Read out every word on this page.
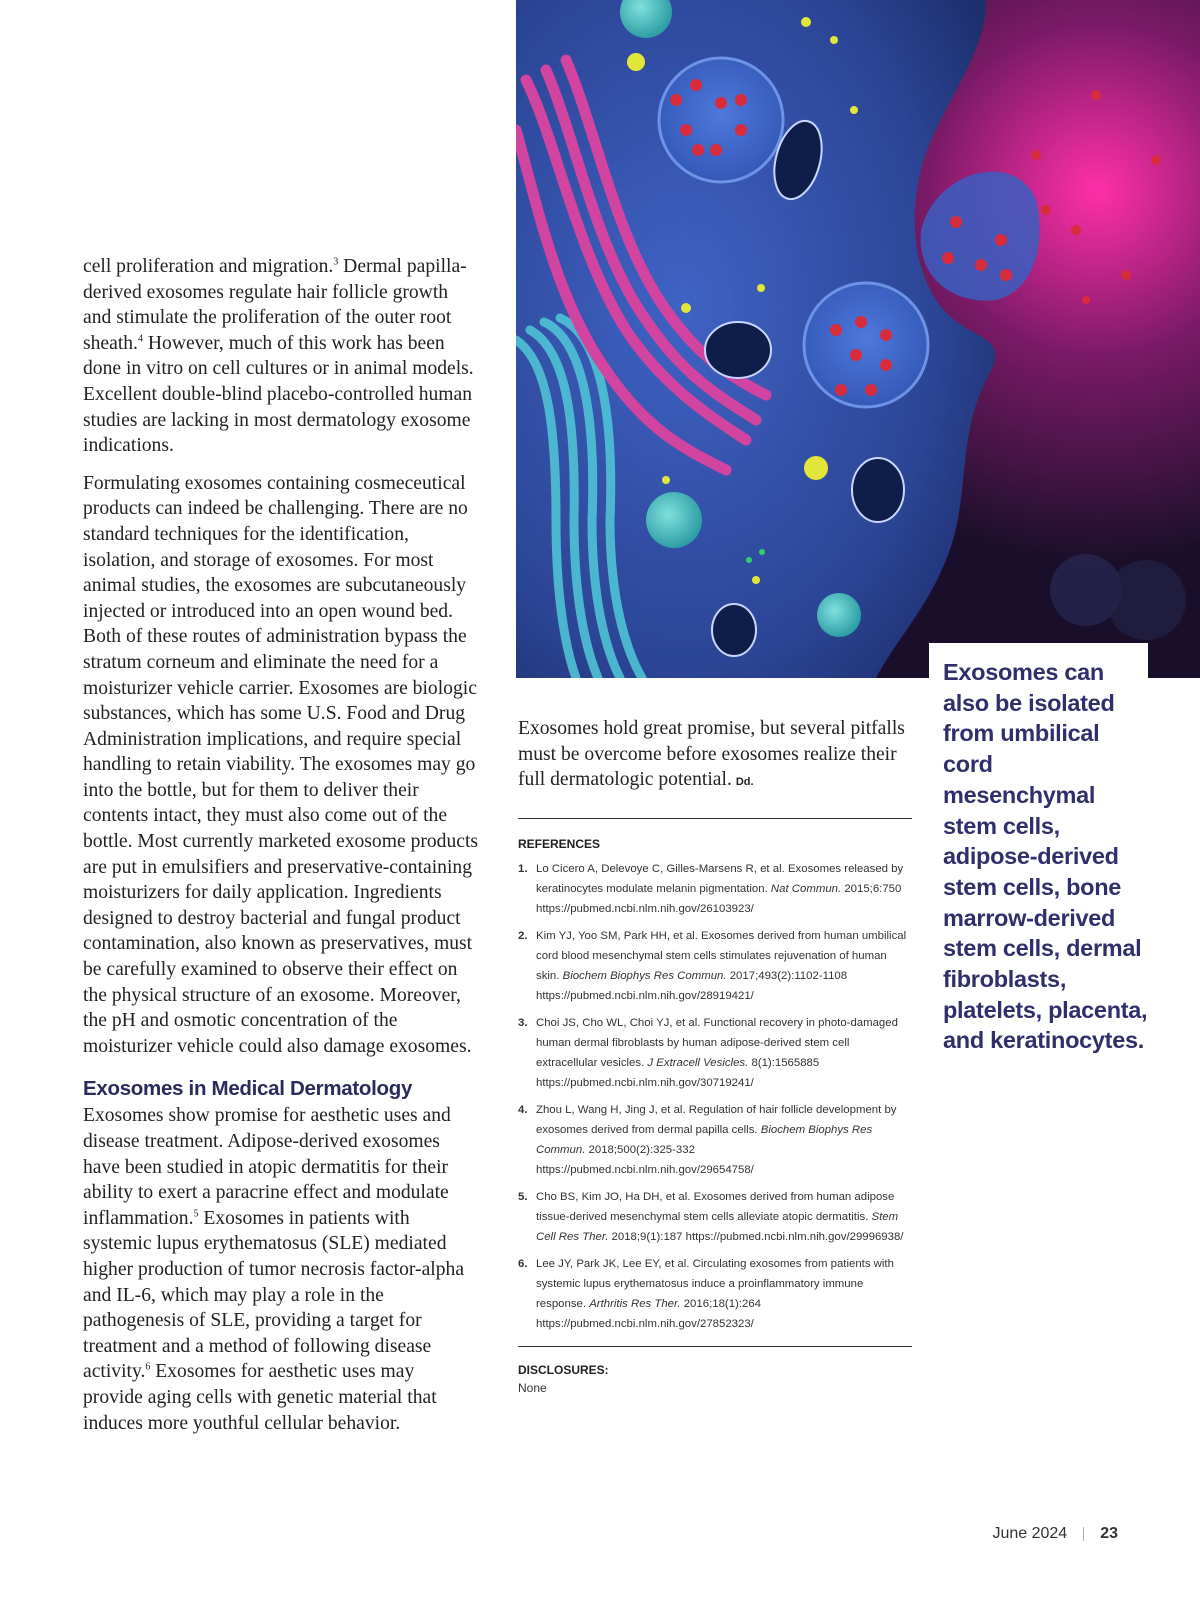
cell proliferation and migration.$^3$ Dermal papilla-derived exosomes regulate hair follicle growth and stimulate the proliferation of the outer root sheath.$^4$ However, much of this work has been done in vitro on cell cultures or in animal models. Excellent double-blind placebo-controlled human studies are lacking in most dermatology exosome indications.

Formulating exosomes containing cosmeceutical products can indeed be challenging. There are no standard techniques for the identification, isolation, and storage of exosomes. For most animal studies, the exosomes are subcutaneously injected or introduced into an open wound bed. Both of these routes of administration bypass the stratum corneum and eliminate the need for a moisturizer vehicle carrier. Exosomes are biologic substances, which has some U.S. Food and Drug Administration implications, and require special handling to retain viability. The exosomes may go into the bottle, but for them to deliver their contents intact, they must also come out of the bottle. Most currently marketed exosome products are put in emulsifiers and preservative-containing moisturizers for daily application. Ingredients designed to destroy bacterial and fungal product contamination, also known as preservatives, must be carefully examined to observe their effect on the physical structure of an exosome. Moreover, the pH and osmotic concentration of the moisturizer vehicle could also damage exosomes.

Exosomes in Medical Dermatology

Exosomes show promise for aesthetic uses and disease treatment. Adipose-derived exosomes have been studied in atopic dermatitis for their ability to exert a paracrine effect and modulate inflammation.$^5$ Exosomes in patients with systemic lupus erythematosus (SLE) mediated higher production of tumor necrosis factor-alpha and IL-6, which may play a role in the pathogenesis of SLE, providing a target for treatment and a method of following disease activity.$^6$ Exosomes for aesthetic uses may provide aging cells with genetic material that induces more youthful cellular behavior.

Exosomes can also be isolated from umbilical cord mesenchymal stem cells, adipose-derived stem cells, bone marrow-derived stem cells, dermal fibroblasts, platelets, placenta, and keratinocytes.

Exosomes hold great promise, but several pitfalls must be overcome before exosomes realize their full dermatologic potential. Dd.

REFERENCES
1. Lo Cicero A, Delevoye C, Gilles-Marsens R, et al. Exosomes released by keratinocytes modulate melanin pigmentation. Nat Commun. 2015;6:750 https://pubmed.ncbi.nlm.nih.gov/26103923/
2. Kim YJ, Yoo SM, Park HH, et al. Exosomes derived from human umbilical cord blood mesenchymal stem cells stimulates rejuvenation of human skin. Biochem Biophys Res Commun. 2017;493(2):1102-1108 https://pubmed.ncbi.nlm.nih.gov/28919421/
3. Choi JS, Cho WL, Choi YJ, et al. Functional recovery in photo-damaged human dermal fibroblasts by human adipose-derived stem cell extracellular vesicles. J Extracell Vesicles. 8(1):1565885 https://pubmed.ncbi.nlm.nih.gov/30719241/
4. Zhou L, Wang H, Jing J, et al. Regulation of hair follicle development by exosomes derived from dermal papilla cells. Biochem Biophys Res Commun. 2018;500(2):325-332 https://pubmed.ncbi.nlm.nih.gov/29654758/
5. Cho BS, Kim JO, Ha DH, et al. Exosomes derived from human adipose tissue-derived mesenchymal stem cells alleviate atopic dermatitis. Stem Cell Res Ther. 2018;9(1):187 https://pubmed.ncbi.nlm.nih.gov/29996938/
6. Lee JY, Park JK, Lee EY, et al. Circulating exosomes from patients with systemic lupus erythematosus induce a proinflammatory immune response. Arthritis Res Ther. 2016;18(1):264 https://pubmed.ncbi.nlm.nih.gov/27852323/
DISCLOSURES:

None

June 2024 23
